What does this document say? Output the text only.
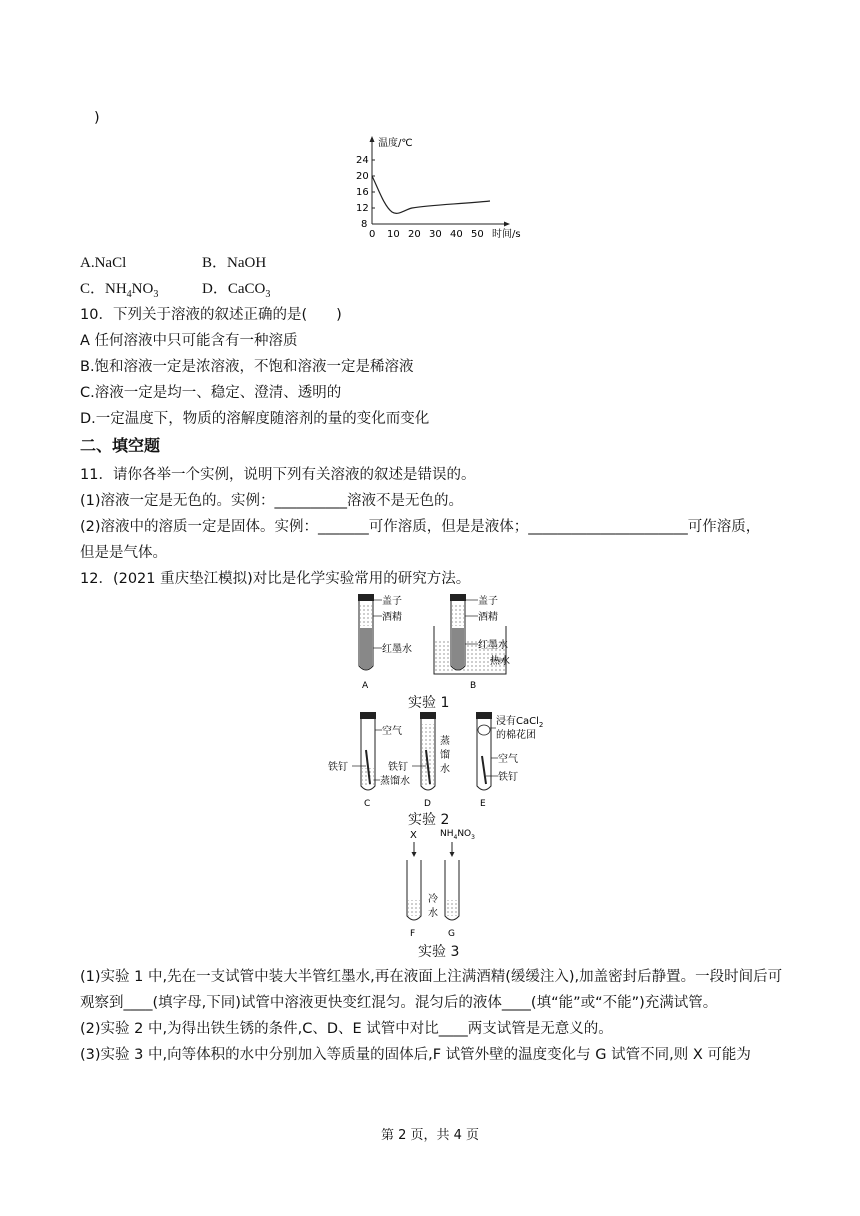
)
温度/℃
时间/s
24
20
16
12
8
0 10 20 30 40 50
A.NaCl	B．NaOH
C．$NH_4NO_3$	D．CaCO$_3$
10．下列关于溶液的叙述正确的是(　　)
A 任何溶液中只可能含有一种溶质
B.饱和溶液一定是浓溶液，不饱和溶液一定是稀溶液
C.溶液一定是均一、稳定、澄清、透明的
D.一定温度下，物质的溶解度随溶剂的量的变化而变化
二、填空题
11．请你各举一个实例，说明下列有关溶液的叙述是错误的。
(1)溶液一定是无色的。实例：__________溶液不是无色的。
(2)溶液中的溶质一定是固体。实例：_______可作溶质，但是是液体；______________________可作溶质，
但是是气体。
12．(2021 重庆垫江模拟)对比是化学实验常用的研究方法。
盖子
酒精
红墨水
A
盖子
酒精
红墨水
热水
B
实验 1
空气
铁钉
蒸馏水
C
铁钉
蒸
馏
水
D
浸有CaCl$_2$
的棉花团
空气
铁钉
E
实验 2
X	$NH_4NO_3$
冷
水
F	G
实验 3
(1)实验 1 中,先在一支试管中装大半管红墨水,再在液面上注满酒精(缓缓注入),加盖密封后静置。一段时间后可
观察到____(填字母,下同)试管中溶液更快变红混匀。混匀后的液体____(填“能”或“不能”)充满试管。
(2)实验 2 中,为得出铁生锈的条件,C、D、E 试管中对比____两支试管是无意义的。
(3)实验 3 中,向等体积的水中分别加入等质量的固体后,F 试管外壁的温度变化与 G 试管不同,则 X 可能为
第 2 页，共 4 页
